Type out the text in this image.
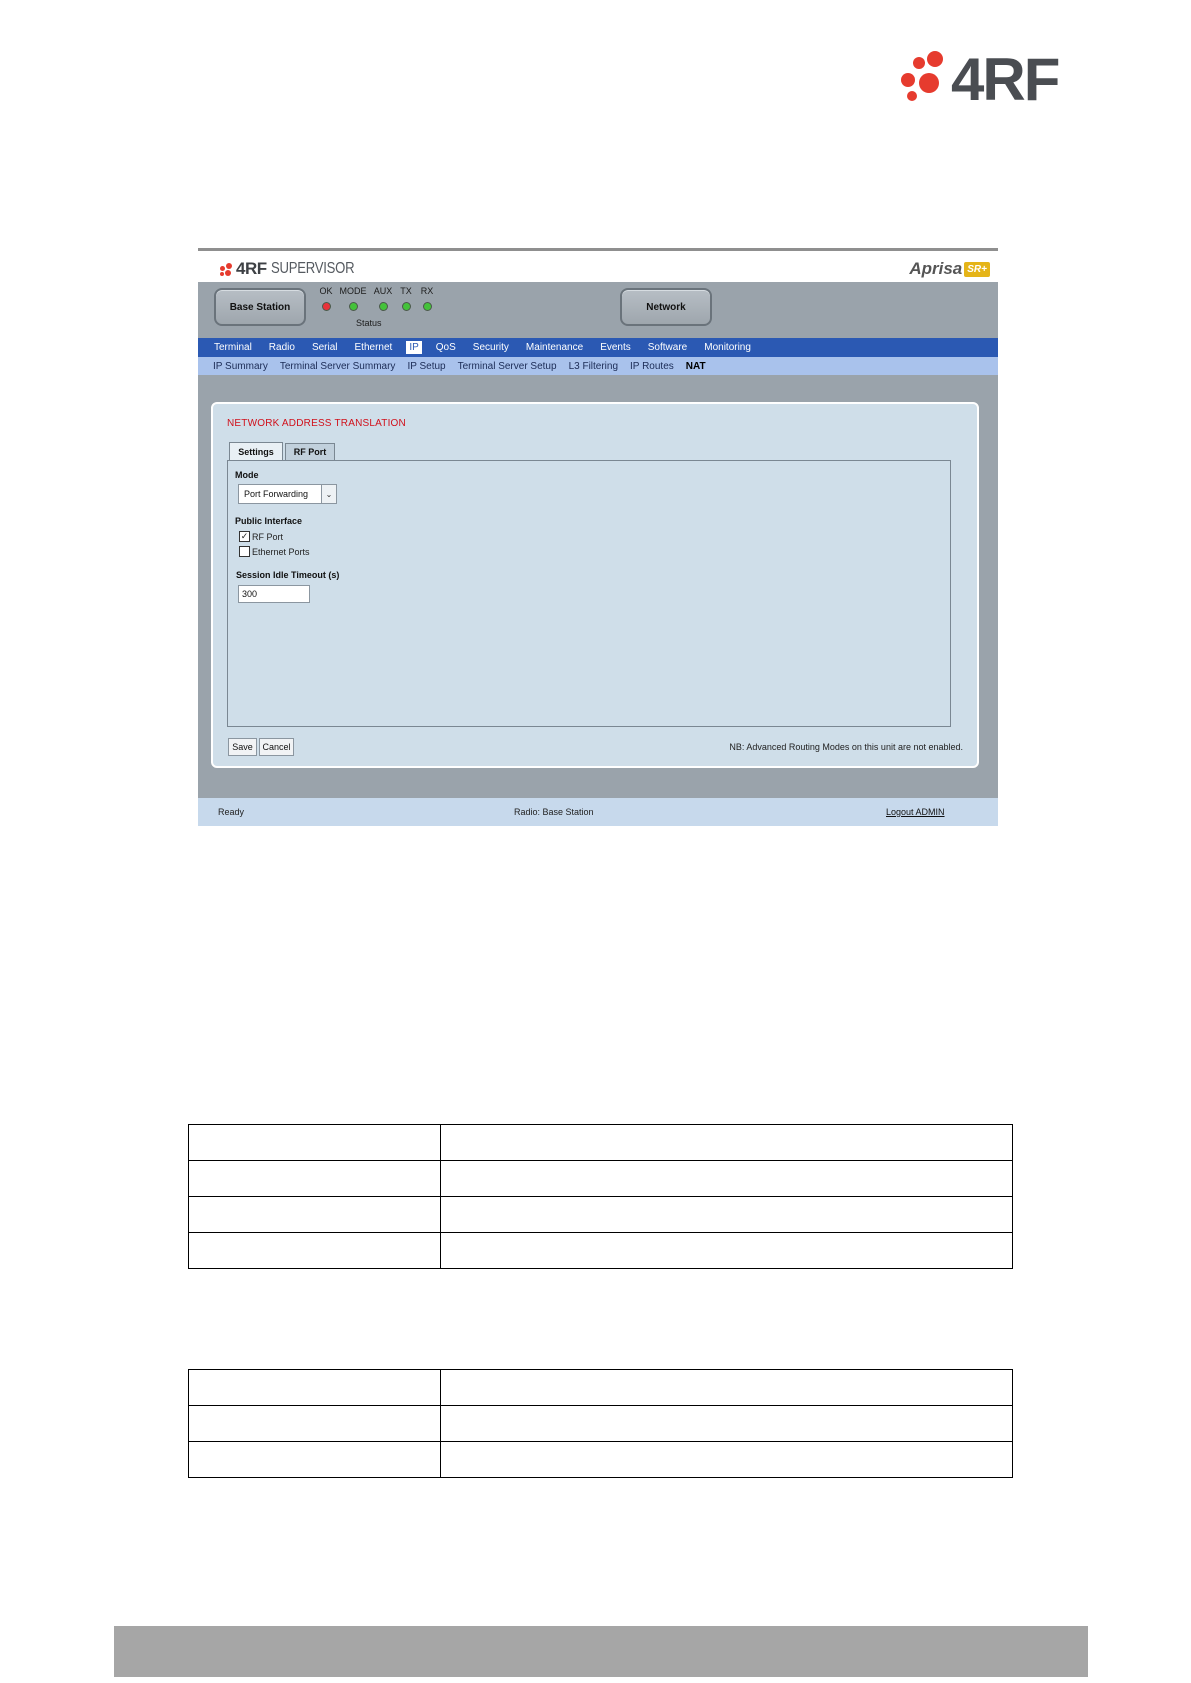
4RF
4RF SUPERVISOR	Aprisa SR+
Base Station
OK MODE AUX TX RX
Status
Network
Terminal	Radio	Serial	Ethernet	IP	QoS	Security	Maintenance	Events	Software	Monitoring
IP Summary Terminal Server Summary IP Setup Terminal Server Setup L3 Filtering IP Routes NAT
NETWORK ADDRESS TRANSLATION
Settings	RF Port
Mode
Port Forwarding	⌄
Public Interface
✓ RF Port
Ethernet Ports
Session Idle Timeout (s)
300
Save	Cancel	NB: Advanced Routing Modes on this unit are not enabled.
Ready	Radio: Base Station	Logout ADMIN
